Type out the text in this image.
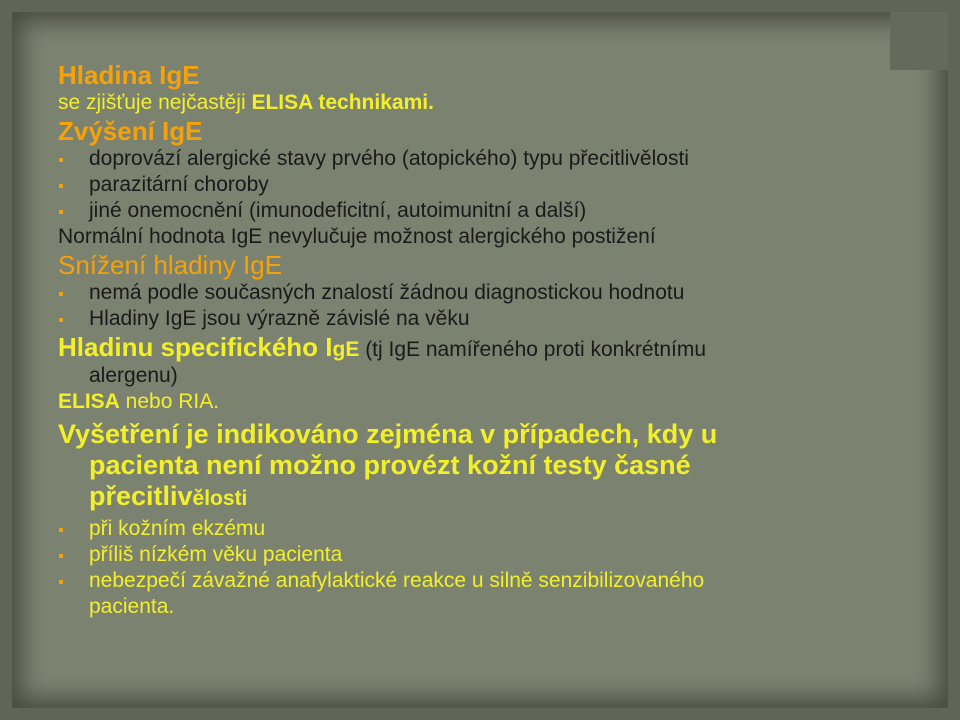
Hladina IgE
se zjišťuje nejčastěji ELISA technikami.
Zvýšení IgE
doprovází alergické stavy prvého (atopického) typu přecitlivělosti
parazitární choroby
jiné onemocnění (imunodeficitní, autoimunitní a další)
Normální hodnota IgE nevylučuje možnost alergického postižení
Snížení hladiny IgE
nemá podle současných znalostí žádnou diagnostickou hodnotu
Hladiny IgE jsou výrazně závislé na věku
Hladinu specifického IgE (tj IgE namířeného proti konkrétnímu
alergenu)
ELISA nebo RIA.
Vyšetření je indikováno zejména v případech, kdy u
pacienta není možno provézt kožní testy časné
přecitlivělosti
při kožním ekzému
příliš nízkém věku pacienta
nebezpečí závažné anafylaktické reakce u silně senzibilizovaného
pacienta.
